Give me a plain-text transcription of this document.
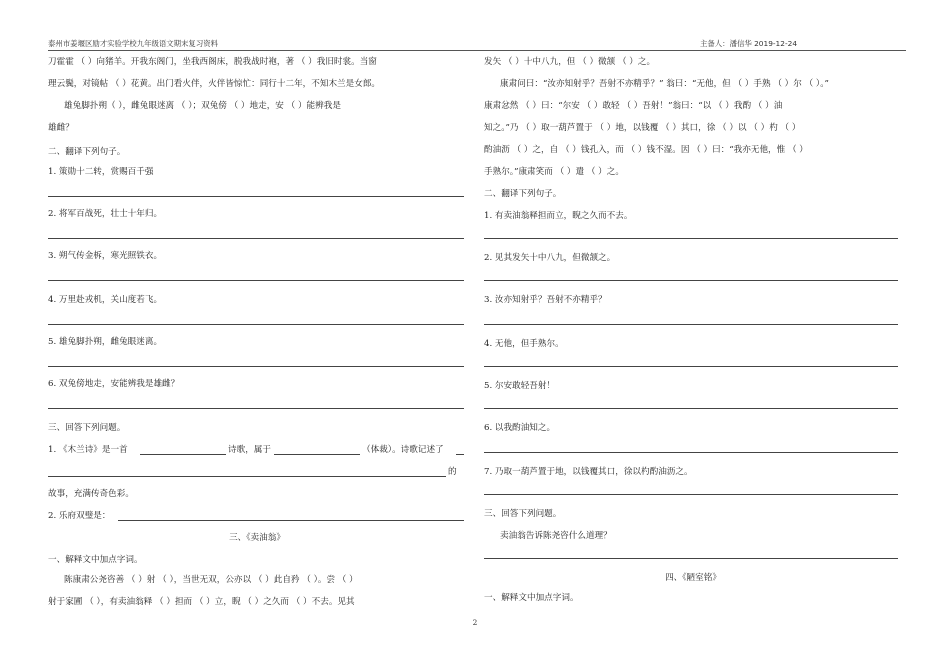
泰州市姜堰区励才实验学校九年级语文期末复习资料	主备人：潘信华 2019-12-24
刀霍霍 （ ）向猪羊。开我东阁门，坐我西阁床，脱我战时袍，著 （ ）我旧时裳。当窗
理云鬓，对镜帖 （ ）花黄。出门看火伴，火伴皆惊忙：同行十二年，不知木兰是女郎。
雄兔脚扑朔（ ），雌兔眼迷离 （ ）；双兔傍 （ ）地走，安 （ ）能辨我是
雄雌？
二、翻译下列句子。
1. 策勋十二转，赏赐百千强
2. 将军百战死，壮士十年归。
3. 朔气传金柝，寒光照铁衣。
4. 万里赴戎机，关山度若飞。
5. 雄兔脚扑朔，雌兔眼迷离。
6. 双兔傍地走，安能辨我是雄雌？
三、回答下列问题。
1. 《木兰诗》是一首	诗歌，属于	（体裁）。诗歌记述了
的
故事，充满传奇色彩。
2. 乐府双璧是：
三、《卖油翁》
一、解释文中加点字词。
陈康肃公尧咨善 （ ）射 （ ），当世无双，公亦以 （ ）此自矜 （ ）。尝 （ ）
射于家圃 （ ），有卖油翁释 （ ）担而 （ ）立，睨 （ ）之久而 （ ）不去。见其
发矢 （ ）十中八九，但 （ ）微颔 （ ）之。
康肃问曰：“汝亦知射乎？吾射不亦精乎？” 翁曰：“无他，但 （ ）手熟 （ ）尔 （ ）。”
康肃忿然 （ ）曰：“尔安 （ ）敢轻 （ ）吾射！”翁曰：“以 （ ）我酌 （ ）油
知之。”乃 （ ）取一葫芦置于 （ ）地，以钱覆 （ ）其口，徐 （ ）以 （ ）杓 （ ）
酌油沥 （ ）之，自 （ ）钱孔入，而 （ ）钱不湿。因 （ ）曰：“我亦无他，惟 （ ）
手熟尔。”康肃笑而 （ ）遣 （ ）之。
二、翻译下列句子。
1. 有卖油翁释担而立，睨之久而不去。
2. 见其发矢十中八九，但微颔之。
3. 汝亦知射乎？吾射不亦精乎？
4. 无他，但手熟尔。
5. 尔安敢轻吾射！
6. 以我酌油知之。
7. 乃取一葫芦置于地，以钱覆其口，徐以杓酌油沥之。
三、回答下列问题。
卖油翁告诉陈尧咨什么道理？
四、《陋室铭》
一、解释文中加点字词。
2
